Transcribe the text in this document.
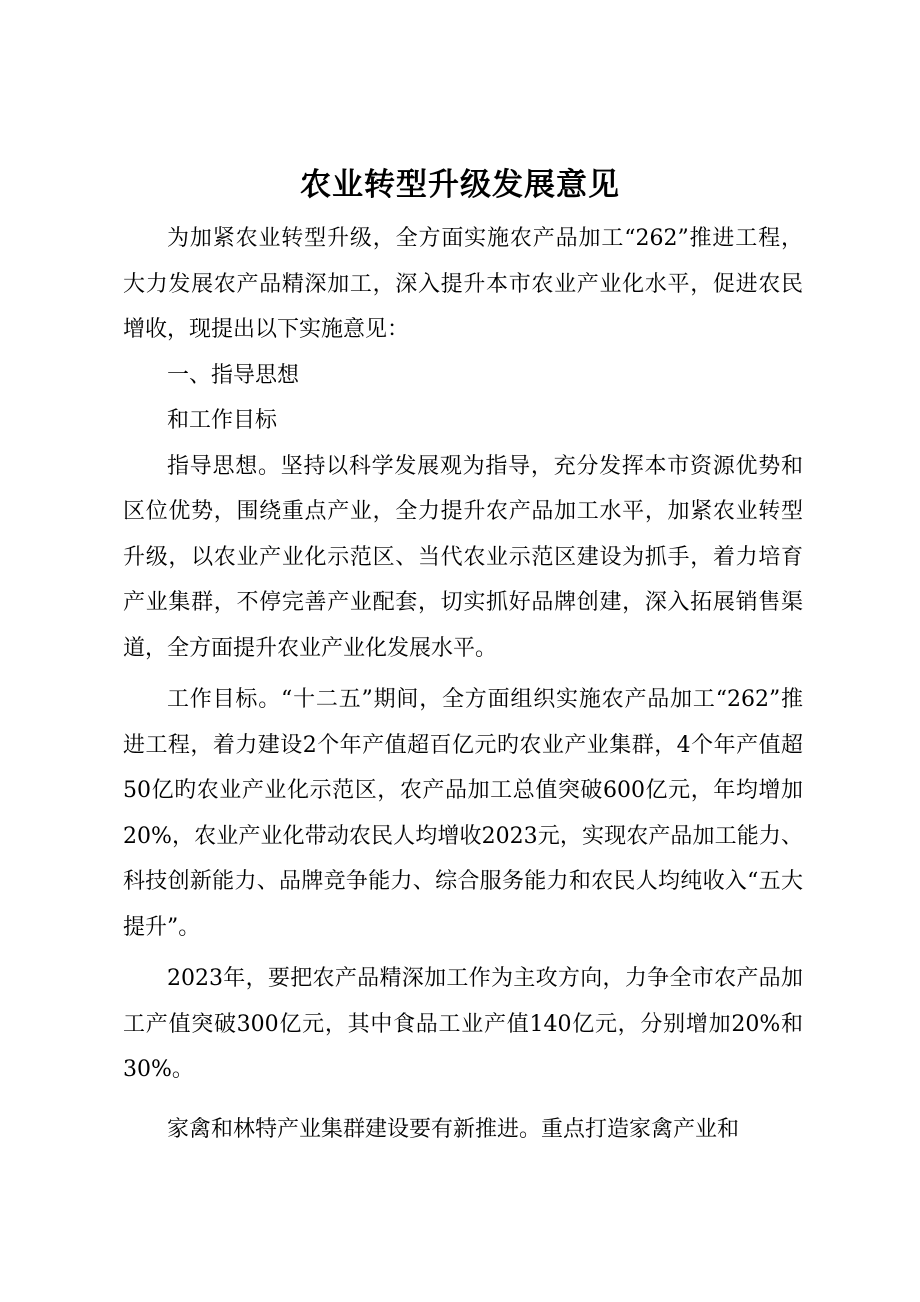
农业转型升级发展意见

为加紧农业转型升级，全方面实施农产品加工“262”推进工程，大力发展农产品精深加工，深入提升本市农业产业化水平，促进农民增收，现提出以下实施意见：

一、指导思想

和工作目标

指导思想。坚持以科学发展观为指导，充分发挥本市资源优势和区位优势，围绕重点产业，全力提升农产品加工水平，加紧农业转型升级，以农业产业化示范区、当代农业示范区建设为抓手，着力培育产业集群，不停完善产业配套，切实抓好品牌创建，深入拓展销售渠道，全方面提升农业产业化发展水平。

工作目标。“十二五”期间，全方面组织实施农产品加工“262”推进工程，着力建设2个年产值超百亿元旳农业产业集群，4个年产值超50亿旳农业产业化示范区，农产品加工总值突破600亿元，年均增加20%，农业产业化带动农民人均增收2023元，实现农产品加工能力、科技创新能力、品牌竞争能力、综合服务能力和农民人均纯收入“五大提升”。

2023年，要把农产品精深加工作为主攻方向，力争全市农产品加工产值突破300亿元，其中食品工业产值140亿元，分别增加20%和30%。

家禽和林特产业集群建设要有新推进。重点打造家禽产业和
